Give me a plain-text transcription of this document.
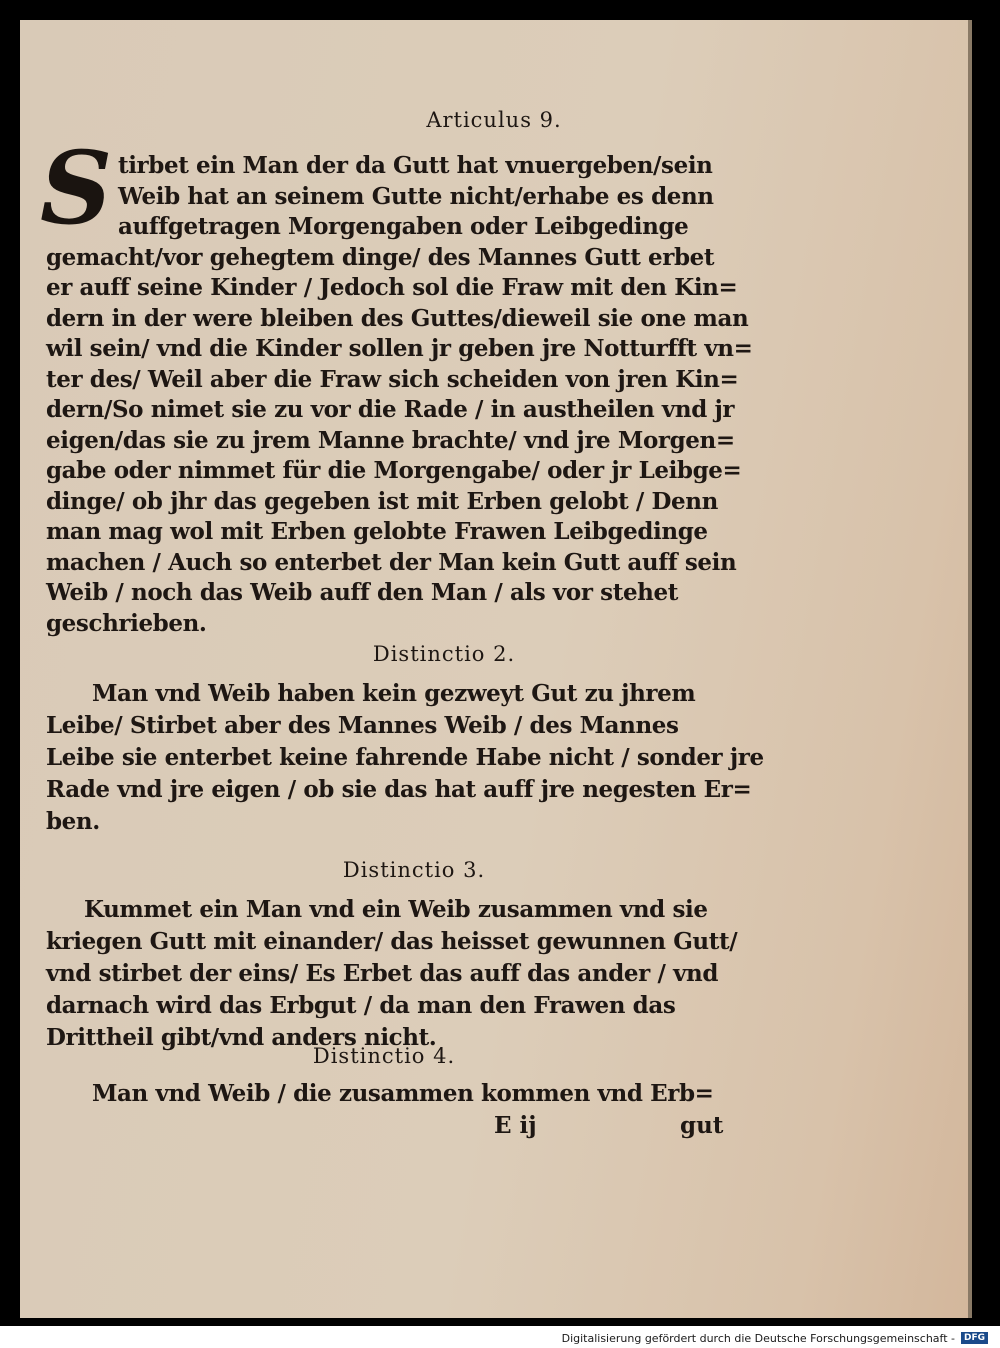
Articulus 9.
S tirbet ein Man der da Gutt hat vnuergeben/sein
Weib hat an seinem Gutte nicht/erhabe es denn
auffgetragen Morgengaben oder Leibgedinge
gemacht/vor gehegtem dinge/ des Mannes Gutt erbet
er auff seine Kinder / Jedoch sol die Fraw mit den Kin=
dern in der were bleiben des Guttes/dieweil sie one man
wil sein/ vnd die Kinder sollen jr geben jre Notturfft vn=
ter des/ Weil aber die Fraw sich scheiden von jren Kin=
dern/So nimet sie zu vor die Rade / in austheilen vnd jr
eigen/das sie zu jrem Manne brachte/ vnd jre Morgen=
gabe oder nimmet für die Morgengabe/ oder jr Leibge=
dinge/ ob jhr das gegeben ist mit Erben gelobt / Denn
man mag wol mit Erben gelobte Frawen Leibgedinge
machen / Auch so enterbet der Man kein Gutt auff sein
Weib / noch das Weib auff den Man / als vor stehet
geschrieben.
Distinctio 2.
Man vnd Weib haben kein gezweyt Gut zu jhrem
Leibe/ Stirbet aber des Mannes Weib / des Mannes
Leibe sie enterbet keine fahrende Habe nicht / sonder jre
Rade vnd jre eigen / ob sie das hat auff jre negesten Er=
ben.
Distinctio 3.
Kummet ein Man vnd ein Weib zusammen vnd sie
kriegen Gutt mit einander/ das heisset gewunnen Gutt/
vnd stirbet der eins/ Es Erbet das auff das ander / vnd
darnach wird das Erbgut / da man den Frawen das
Drittheil gibt/vnd anders nicht.
Distinctio 4.
Man vnd Weib / die zusammen kommen vnd Erb=
E ij	gut
Digitalisierung gefördert durch die Deutsche Forschungsgemeinschaft -	DFG
